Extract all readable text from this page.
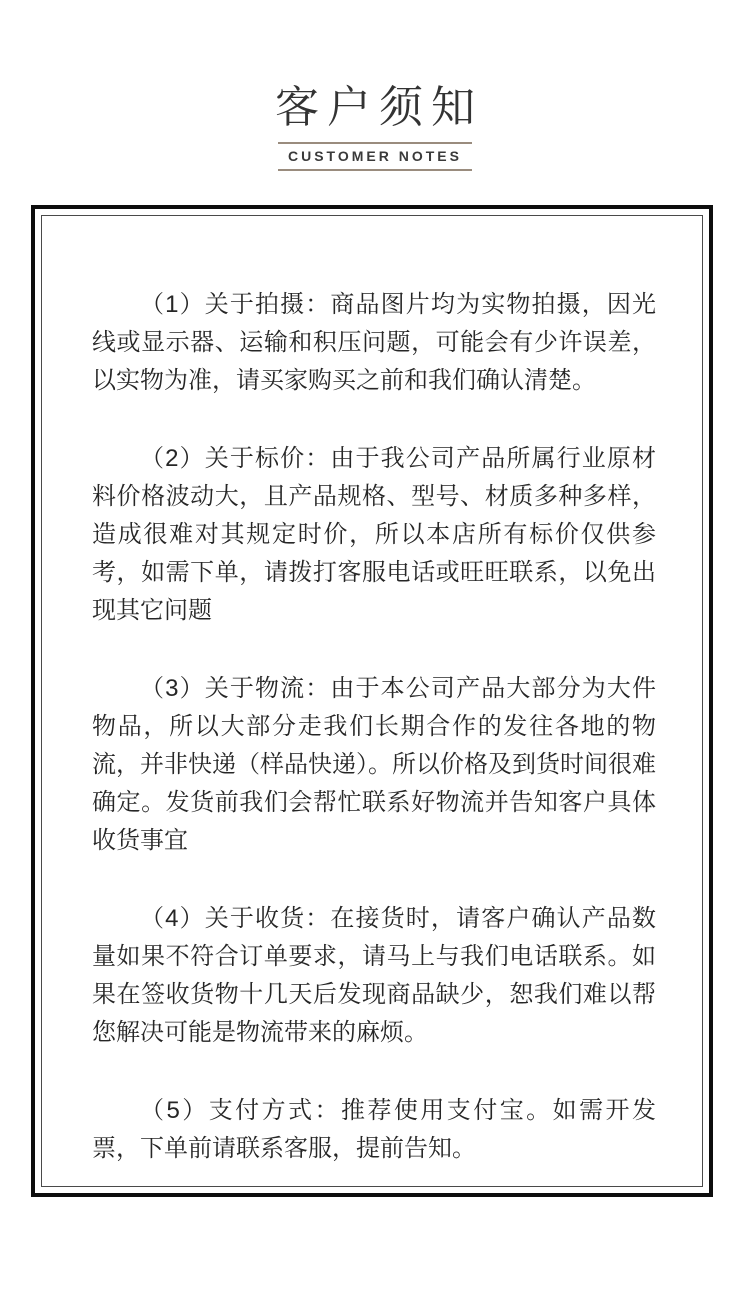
客户须知
CUSTOMER NOTES

（1）关于拍摄：商品图片均为实物拍摄，因光线或显示器、运输和积压问题，可能会有少许误差，以实物为准，请买家购买之前和我们确认清楚。

（2）关于标价：由于我公司产品所属行业原材料价格波动大，且产品规格、型号、材质多种多样，造成很难对其规定时价，所以本店所有标价仅供参考，如需下单，请拨打客服电话或旺旺联系，以免出现其它问题

（3）关于物流：由于本公司产品大部分为大件物品，所以大部分走我们长期合作的发往各地的物流，并非快递（样品快递）。所以价格及到货时间很难确定。发货前我们会帮忙联系好物流并告知客户具体收货事宜

（4）关于收货：在接货时，请客户确认产品数量如果不符合订单要求，请马上与我们电话联系。如果在签收货物十几天后发现商品缺少，恕我们难以帮您解决可能是物流带来的麻烦。

（5）支付方式：推荐使用支付宝。如需开发票，下单前请联系客服，提前告知。
